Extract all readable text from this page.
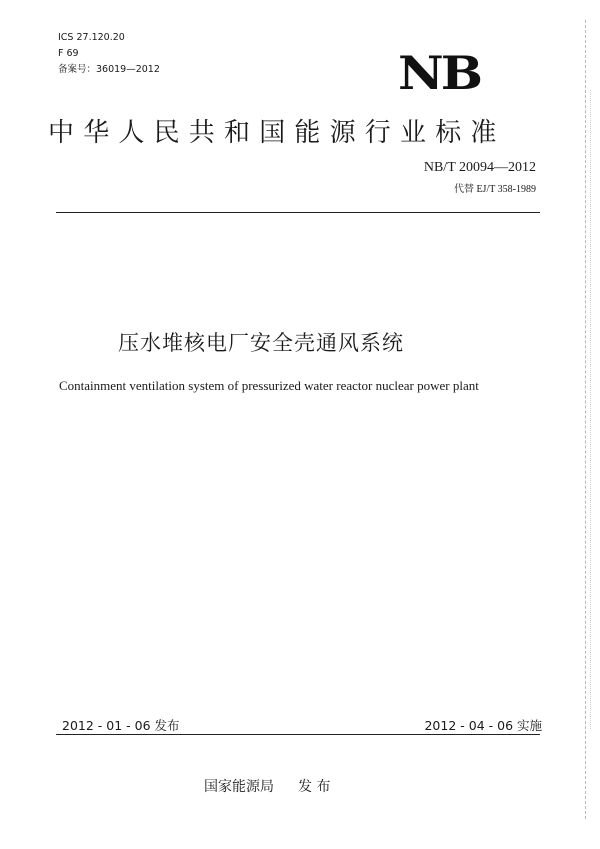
ICS 27.120.20
F 69
备案号：36019—2012	NB
中华人民共和国能源行业标准
NB/T 20094—2012
代替 EJ/T 358-1989
压水堆核电厂安全壳通风系统
Containment ventilation system of pressurized water reactor nuclear power plant
2012 - 01 - 06 发布	2012 - 04 - 06 实施
国家能源局 发 布
